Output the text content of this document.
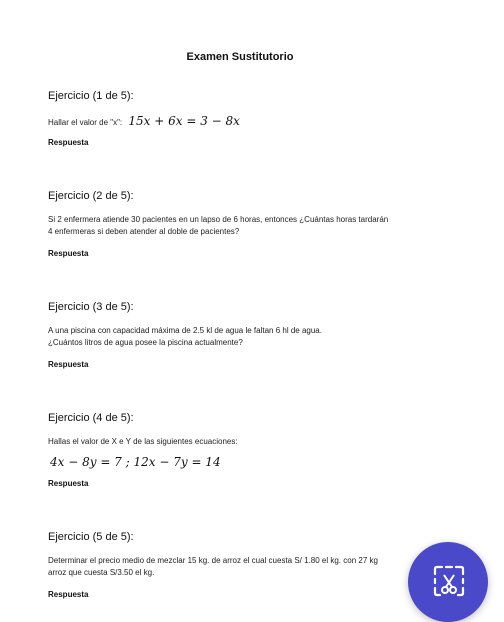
Examen Sustitutorio
Ejercicio (1 de 5):
Hallar el valor de "x": 15x + 6x = 3 − 8x
Respuesta
Ejercicio (2 de 5):
Si 2 enfermera atiende 30 pacientes en un lapso de 6 horas, entonces ¿Cuántas horas tardarán
4 enfermeras si deben atender al doble de pacientes?
Respuesta
Ejercicio (3 de 5):
A una piscina con capacidad máxima de 2.5 kl de agua le faltan 6 hl de agua.
¿Cuántos litros de agua posee la piscina actualmente?
Respuesta
Ejercicio (4 de 5):
Hallas el valor de X e Y de las siguientes ecuaciones:
4x − 8y = 7 ; 12x − 7y = 14
Respuesta
Ejercicio (5 de 5):
Determinar el precio medio de mezclar 15 kg. de arroz el cual cuesta S/ 1.80 el kg. con 27 kg
arroz que cuesta S/3.50 el kg.
Respuesta
